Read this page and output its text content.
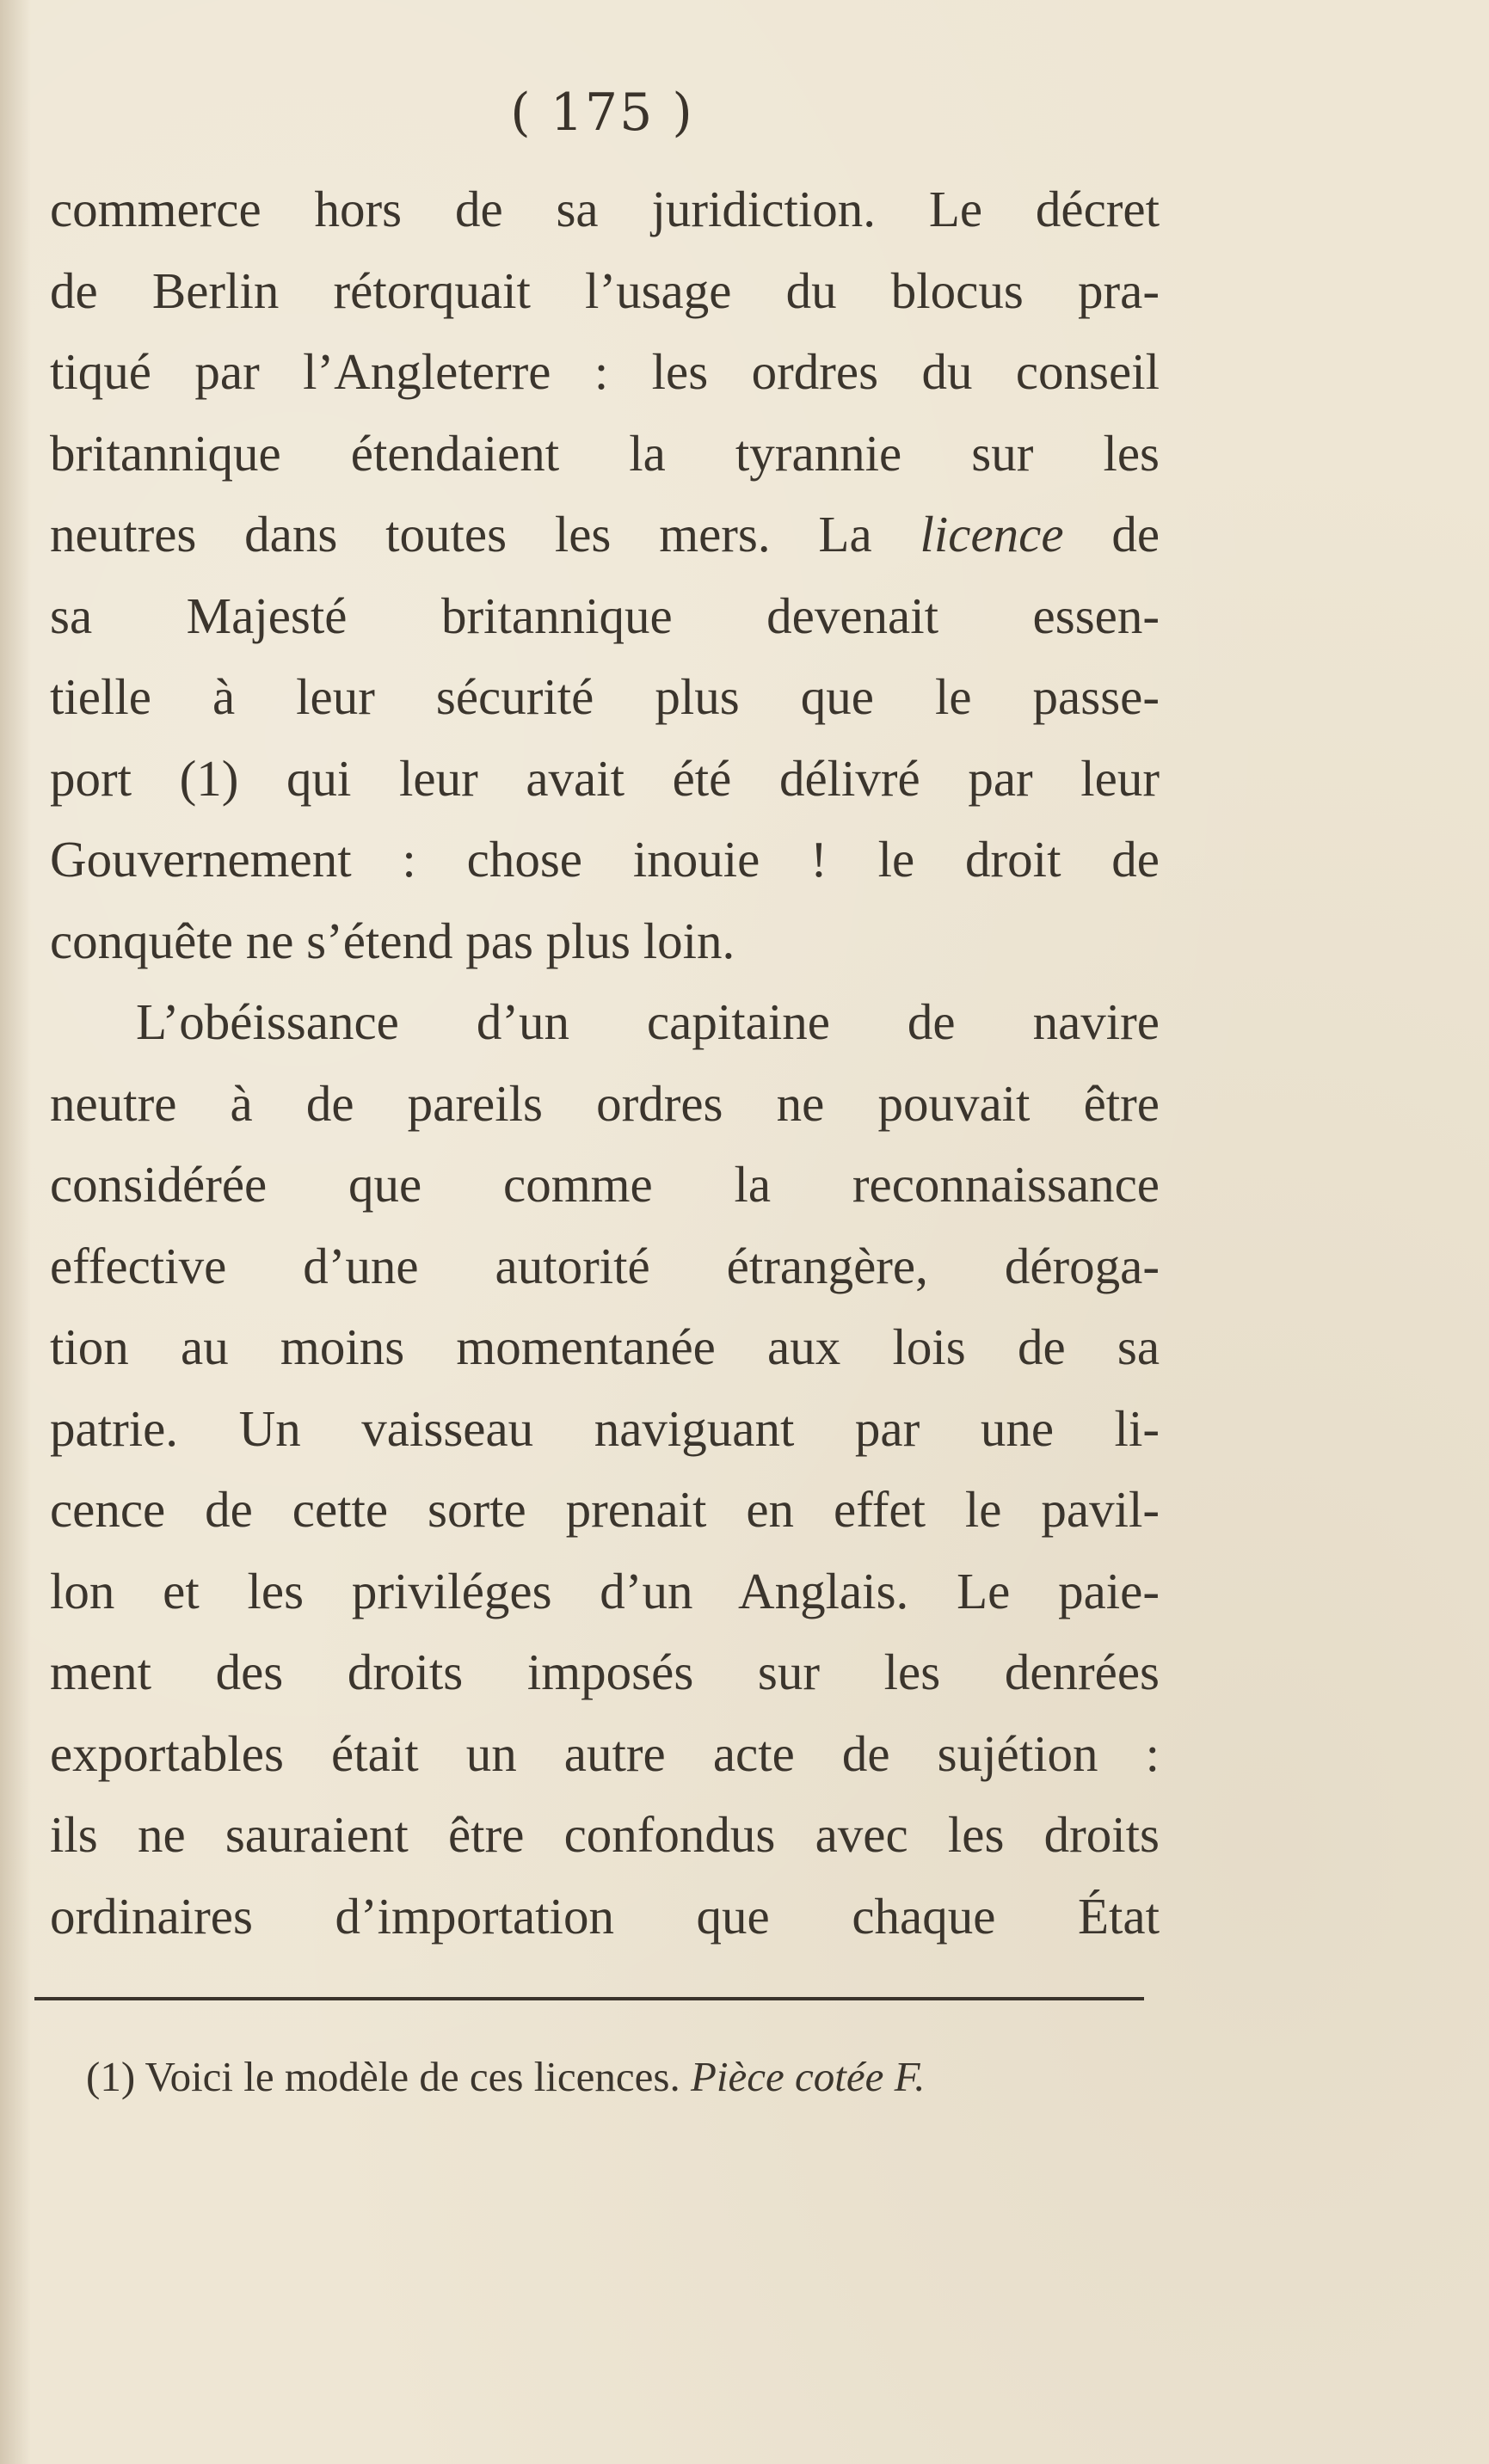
( 175 )
commerce hors de sa juridiction. Le décret
de Berlin rétorquait l’usage du blocus pra-
tiqué par l’Angleterre : les ordres du conseil
britannique étendaient la tyrannie sur les
neutres dans toutes les mers. La licence de
sa Majesté britannique devenait essen-
tielle à leur sécurité plus que le passe-
port (1) qui leur avait été délivré par leur
Gouvernement : chose inouie ! le droit de
conquête ne s’étend pas plus loin.
L’obéissance d’un capitaine de navire
neutre à de pareils ordres ne pouvait être
considérée que comme la reconnaissance
effective d’une autorité étrangère, déroga-
tion au moins momentanée aux lois de sa
patrie. Un vaisseau naviguant par une li-
cence de cette sorte prenait en effet le pavil-
lon et les priviléges d’un Anglais. Le paie-
ment des droits imposés sur les denrées
exportables était un autre acte de sujétion :
ils ne sauraient être confondus avec les droits
ordinaires d’importation que chaque État
(1) Voici le modèle de ces licences. Pièce cotée F.
